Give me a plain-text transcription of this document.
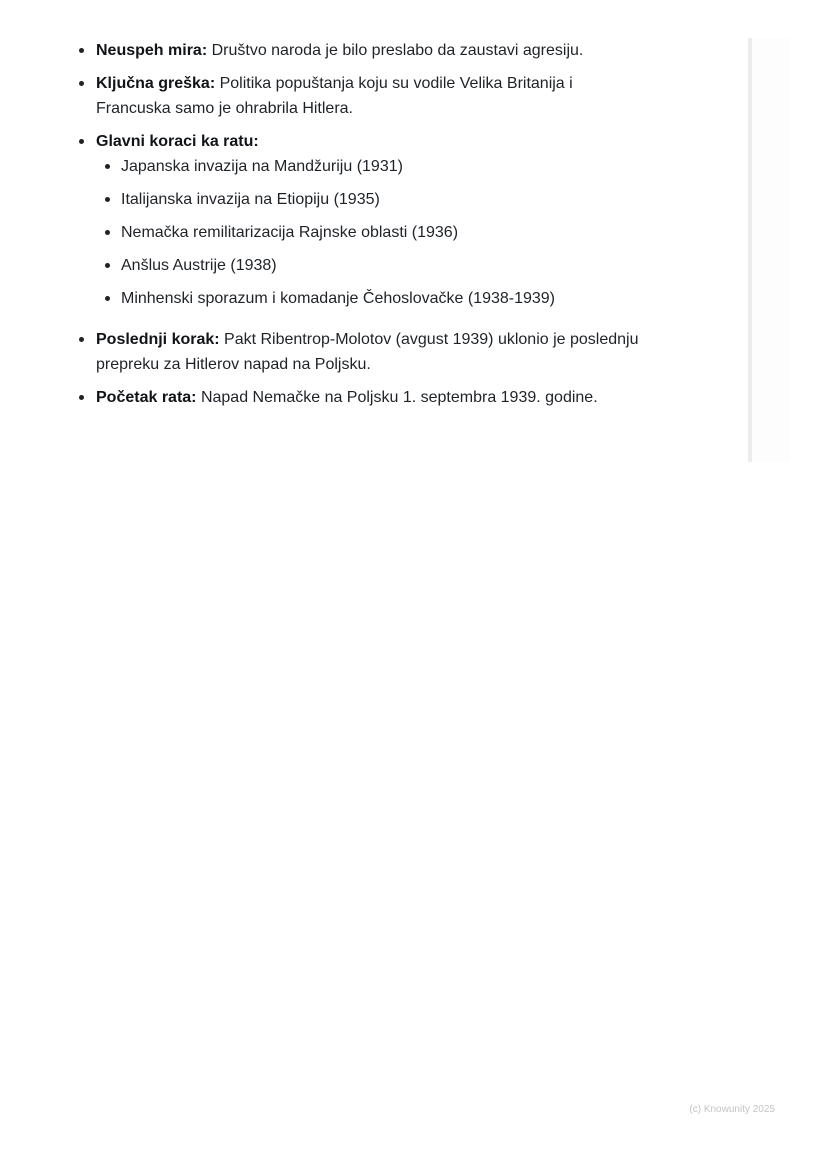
Neuspeh mira: Društvo naroda je bilo preslabo da zaustavi agresiju.
Ključna greška: Politika popuštanja koju su vodile Velika Britanija i Francuska samo je ohrabrila Hitlera.
Glavni koraci ka ratu:
Japanska invazija na Mandžuriju (1931)
Italijanska invazija na Etiopiju (1935)
Nemačka remilitarizacija Rajnske oblasti (1936)
Anšlus Austrije (1938)
Minhenski sporazum i komadanje Čehoslovačke (1938-1939)
Poslednji korak: Pakt Ribentrop-Molotov (avgust 1939) uklonio je poslednju prepreku za Hitlerov napad na Poljsku.
Početak rata: Napad Nemačke na Poljsku 1. septembra 1939. godine.
(c) Knowunity 2025
